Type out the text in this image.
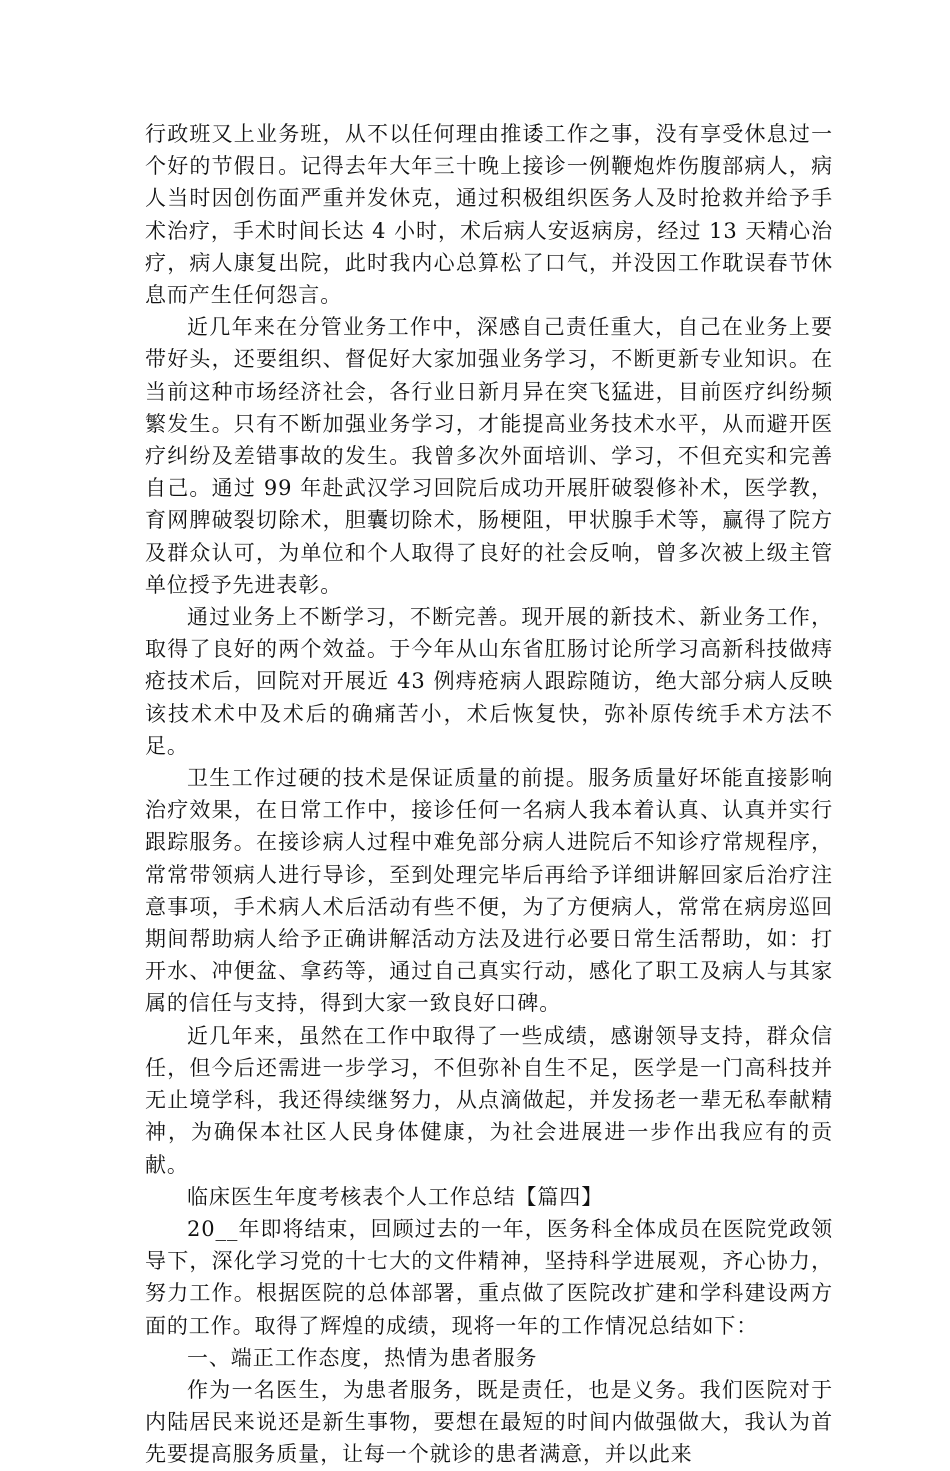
行政班又上业务班，从不以任何理由推诿工作之事，没有享受休息过一个好的节假日。记得去年大年三十晚上接诊一例鞭炮炸伤腹部病人，病人当时因创伤面严重并发休克，通过积极组织医务人及时抢救并给予手术治疗，手术时间长达 4 小时，术后病人安返病房，经过 13 天精心治疗，病人康复出院，此时我内心总算松了口气，并没因工作耽误春节休息而产生任何怨言。

近几年来在分管业务工作中，深感自己责任重大，自己在业务上要带好头，还要组织、督促好大家加强业务学习，不断更新专业知识。在当前这种市场经济社会，各行业日新月异在突飞猛进，目前医疗纠纷频繁发生。只有不断加强业务学习，才能提高业务技术水平，从而避开医疗纠纷及差错事故的发生。我曾多次外面培训、学习，不但充实和完善自己。通过 99 年赴武汉学习回院后成功开展肝破裂修补术，医学教，育网脾破裂切除术，胆囊切除术，肠梗阻，甲状腺手术等，赢得了院方及群众认可，为单位和个人取得了良好的社会反响，曾多次被上级主管单位授予先进表彰。

通过业务上不断学习，不断完善。现开展的新技术、新业务工作，取得了良好的两个效益。于今年从山东省肛肠讨论所学习高新科技做痔疮技术后，回院对开展近 43 例痔疮病人跟踪随访，绝大部分病人反映该技术术中及术后的确痛苦小，术后恢复快，弥补原传统手术方法不足。

卫生工作过硬的技术是保证质量的前提。服务质量好坏能直接影响治疗效果，在日常工作中，接诊任何一名病人我本着认真、认真并实行跟踪服务。在接诊病人过程中难免部分病人进院后不知诊疗常规程序，常常带领病人进行导诊，至到处理完毕后再给予详细讲解回家后治疗注意事项，手术病人术后活动有些不便，为了方便病人，常常在病房巡回期间帮助病人给予正确讲解活动方法及进行必要日常生活帮助，如：打开水、冲便盆、拿药等，通过自己真实行动，感化了职工及病人与其家属的信任与支持，得到大家一致良好口碑。

近几年来，虽然在工作中取得了一些成绩，感谢领导支持，群众信任，但今后还需进一步学习，不但弥补自生不足，医学是一门高科技并无止境学科，我还得续继努力，从点滴做起，并发扬老一辈无私奉献精神，为确保本社区人民身体健康，为社会进展进一步作出我应有的贡献。

临床医生年度考核表个人工作总结【篇四】

20__年即将结束，回顾过去的一年，医务科全体成员在医院党政领导下，深化学习党的十七大的文件精神，坚持科学进展观，齐心协力，努力工作。根据医院的总体部署，重点做了医院改扩建和学科建设两方面的工作。取得了辉煌的成绩，现将一年的工作情况总结如下：

一、端正工作态度，热情为患者服务

作为一名医生，为患者服务，既是责任，也是义务。我们医院对于内陆居民来说还是新生事物，要想在最短的时间内做强做大，我认为首先要提高服务质量，让每一个就诊的患者满意，并以此来
